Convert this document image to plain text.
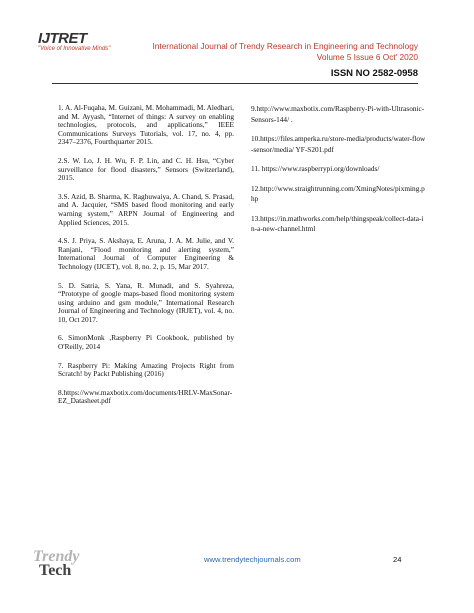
IJTRET
"Voice of Innovative Minds"	International Journal of Trendy Research in Engineering and Technology
Volume 5 Issue 6 Oct' 2020
ISSN NO 2582-0958

1. A. Al-Fuqaha, M. Guizani, M. Mohammadi, M. Aledhari, and M. Ayyash, “Internet of things: A survey on enabling technologies, protocols, and applications,” IEEE Communications Surveys Tutorials, vol. 17, no. 4, pp. 2347–2376, Fourthquarter 2015.

2.S. W. Lo, J. H. Wu, F. P. Lin, and C. H. Hsu, “Cyber surveillance for flood disasters,” Sensors (Switzerland), 2015.

3.S. Azid, B. Sharma, K. Raghuwaiya, A. Chand, S. Prasad, and A. Jacquier, “SMS based flood monitoring and early warning system,” ARPN Journal of Engineering and Applied Sciences, 2015.

4.S. J. Priya, S. Akshaya, E. Aruna, J. A. M. Julie, and V. Ranjani, “Flood monitoring and alerting system,” International Journal of Computer Engineering & Technology (IJCET), vol. 8, no. 2, p. 15, Mar 2017.

5. D. Satria, S. Yana, R. Munadi, and S. Syahreza, “Prototype of google maps-based flood monitoring system using arduino and gsm module,” International Research Journal of Engineering and Technology (IRJET), vol. 4, no. 10, Oct 2017.

6. SimonMonk ,Raspberry Pi Cookbook, published by O'Reilly, 2014

7. Raspberry Pi: Making Amazing Projects Right from Scratch! by Packt Publishing (2016)

8.https://www.maxbotix.com/documents/HRLV-MaxSonar-EZ_Datasheet.pdf

9.http://www.maxbotix.com/Raspberry-Pi-with-Ultrasonic-Sensors-144/ .

10.https://files.amperka.ru/store-media/products/water-flow-sensor/media/ YF-S201.pdf

11. https://www.raspberrypi.org/downloads/

12.http://www.straightrunning.com/XmingNotes/pixming.php

13.https://in.mathworks.com/help/thingspeak/collect-data-in-a-new-channel.html

Trendy
Tech
www.trendytechjournals.com	24
